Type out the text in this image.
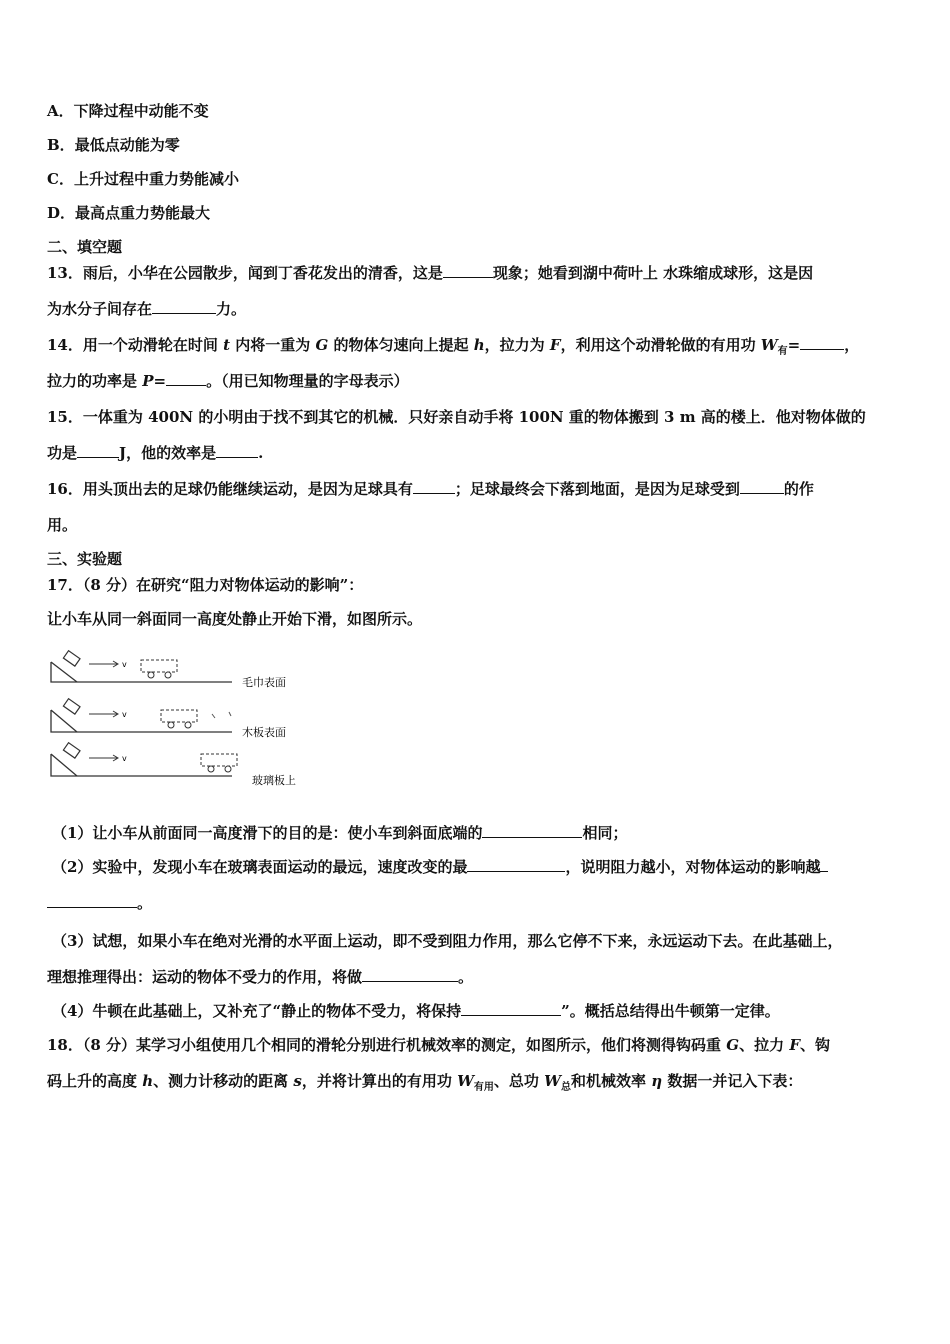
A．下降过程中动能不变
B．最低点动能为零
C．上升过程中重力势能减小
D．最高点重力势能最大
二、填空题
13．雨后，小华在公园散步，闻到丁香花发出的清香，这是	现象；她看到湖中荷叶上 水珠缩成球形，这是因
为水分子间存在	力。
14．用一个动滑轮在时间 t 内将一重为 G 的物体匀速向上提起 h，拉力为 F，利用这个动滑轮做的有用功 $W_有=$	，
拉力的功率是 P=	。（用已知物理量的字母表示）
15．一体重为 400N 的小明由于找不到其它的机械．只好亲自动手将 100N 重的物体搬到 3 m 高的楼上．他对物体做的
功是	J，他的效率是	.
16．用头顶出去的足球仍能继续运动，是因为足球具有	；足球最终会下落到地面，是因为足球受到	的作
用。
三、实验题
17．（8 分）在研究“阻力对物体运动的影响”：
让小车从同一斜面同一高度处静止开始下滑，如图所示。
v
毛巾表面
v
木板表面
v
玻璃板上
（1）让小车从前面同一高度滑下的目的是：使小车到斜面底端的	相同；
（2）实验中，发现小车在玻璃表面运动的最远，速度改变的最	，说明阻力越小，对物体运动的影响越
。
（3）试想，如果小车在绝对光滑的水平面上运动，即不受到阻力作用，那么它停不下来，永远运动下去。在此基础上，
理想推理得出：运动的物体不受力的作用，将做	。
（4）牛顿在此基础上，又补充了“静止的物体不受力，将保持	”。概括总结得出牛顿第一定律。
18．（8 分）某学习小组使用几个相同的滑轮分别进行机械效率的测定，如图所示，他们将测得钩码重 G、拉力 F、钩
码上升的高度 h、测力计移动的距离 s，并将计算出的有用功 $W_{有用}$、总功 $W_总$和机械效率 η 数据一并记入下表：
